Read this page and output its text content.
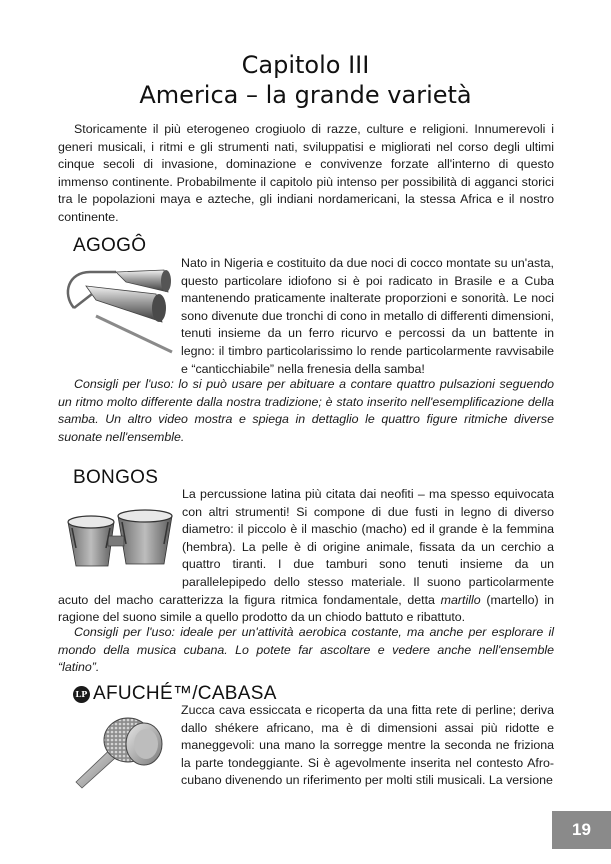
Capitolo III
America – la grande varietà

Storicamente il più eterogeneo crogiuolo di razze, culture e religioni. Innumerevoli i generi musicali, i ritmi e gli strumenti nati, sviluppatisi e migliorati nel corso degli ultimi cinque secoli di invasione, dominazione e convivenze forzate all'interno di questo immenso continente. Probabilmente il capitolo più intenso per possibilità di agganci storici tra le popolazioni maya e azteche, gli indiani nordamericani, la stessa Africa e il nostro continente.

AGOGÔ

Nato in Nigeria e costituito da due noci di cocco montate su un'asta, questo particolare idiofono si è poi radicato in Brasile e a Cuba mantenendo praticamente inalterate proporzioni e sonorità. Le noci sono divenute due tronchi di cono in metallo di differenti dimensioni, tenuti insieme da un ferro ricurvo e percossi da un battente in legno: il timbro particolarissimo lo rende particolarmente ravvisabile e “canticchiabile” nella frenesia della samba!

Consigli per l'uso: lo si può usare per abituare a contare quattro pulsazioni seguendo un ritmo molto differente dalla nostra tradizione; è stato inserito nell'esemplificazione della samba. Un altro video mostra e spiega in dettaglio le quattro figure ritmiche diverse suonate nell'ensemble.

BONGOS

La percussione latina più citata dai neofiti – ma spesso equivocata con altri strumenti! Si compone di due fusti in legno di diverso diametro: il piccolo è il maschio (macho) ed il grande è la femmina (hembra). La pelle è di origine animale, fissata da un cerchio a quattro tiranti. I due tamburi sono tenuti insieme da un parallelepipedo dello stesso materiale. Il suono particolarmente acuto del macho caratterizza la figura ritmica fondamentale, detta martillo (martello) in ragione del suono simile a quello prodotto da un chiodo battuto e ribattuto.

Consigli per l'uso: ideale per un'attività aerobica costante, ma anche per esplorare il mondo della musica cubana. Lo potete far ascoltare e vedere anche nell'ensemble “latino”.

LP AFUCHÉ™/CABASA

Zucca cava essiccata e ricoperta da una fitta rete di perline; deriva dallo shékere africano, ma è di dimensioni assai più ridotte e maneggevoli: una mano la sorregge mentre la seconda ne frizionа la parte tondeggiante. Si è agevolmente inserita nel contesto Afro-cubano divenendo un riferimento per molti stili musicali. La versione

19
